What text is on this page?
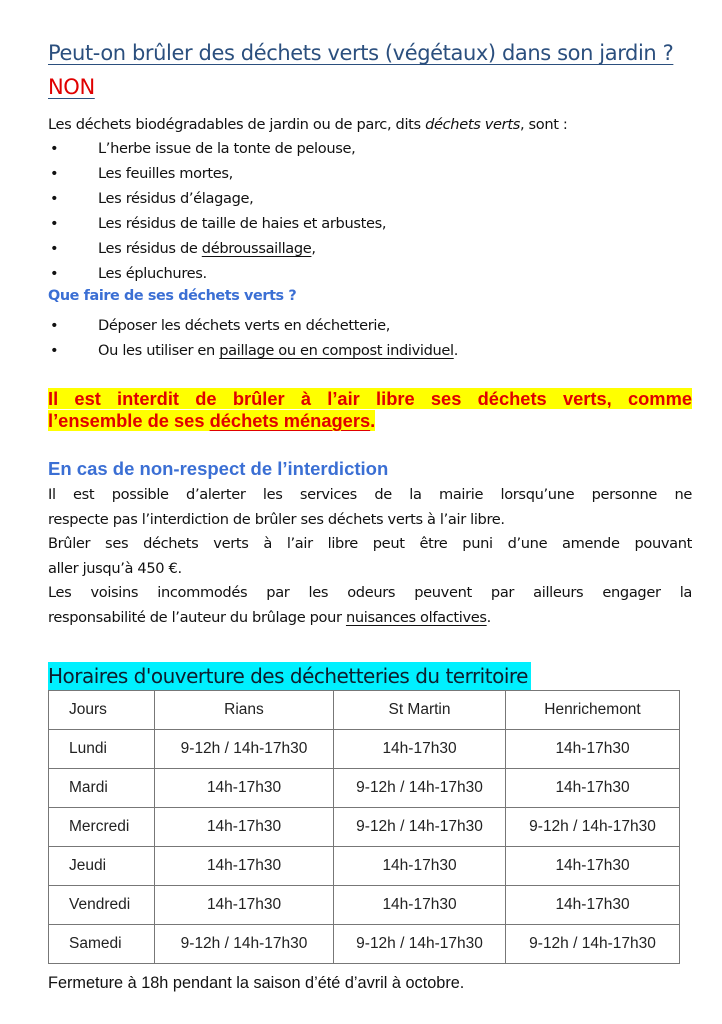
Peut-on brûler des déchets verts (végétaux) dans son jardin ? NON
Les déchets biodégradables de jardin ou de parc, dits déchets verts, sont :
•	L’herbe issue de la tonte de pelouse,
•	Les feuilles mortes,
•	Les résidus d’élagage,
•	Les résidus de taille de haies et arbustes,
•	Les résidus de débroussaillage,
•	Les épluchures.
Que faire de ses déchets verts ?
•	Déposer les déchets verts en déchetterie,
•	Ou les utiliser en paillage ou en compost individuel.
Il est interdit de brûler à l’air libre ses déchets verts, comme
l’ensemble de ses déchets ménagers.
En cas de non-respect de l’interdiction
Il est possible d’alerter les services de la mairie lorsqu’une personne ne
respecte pas l’interdiction de brûler ses déchets verts à l’air libre.
Brûler ses déchets verts à l’air libre peut être puni d’une amende pouvant
aller jusqu’à 450 €.
Les voisins incommodés par les odeurs peuvent par ailleurs engager la
responsabilité de l’auteur du brûlage pour nuisances olfactives.
Horaires d'ouverture des déchetteries du territoire
Jours	Rians	St Martin	Henrichemont
Lundi	9-12h / 14h-17h30	14h-17h30	14h-17h30
Mardi	14h-17h30	9-12h / 14h-17h30	14h-17h30
Mercredi	14h-17h30	9-12h / 14h-17h30	9-12h / 14h-17h30
Jeudi	14h-17h30	14h-17h30	14h-17h30
Vendredi	14h-17h30	14h-17h30	14h-17h30
Samedi	9-12h / 14h-17h30	9-12h / 14h-17h30	9-12h / 14h-17h30
Fermeture à 18h pendant la saison d’été d’avril à octobre.
